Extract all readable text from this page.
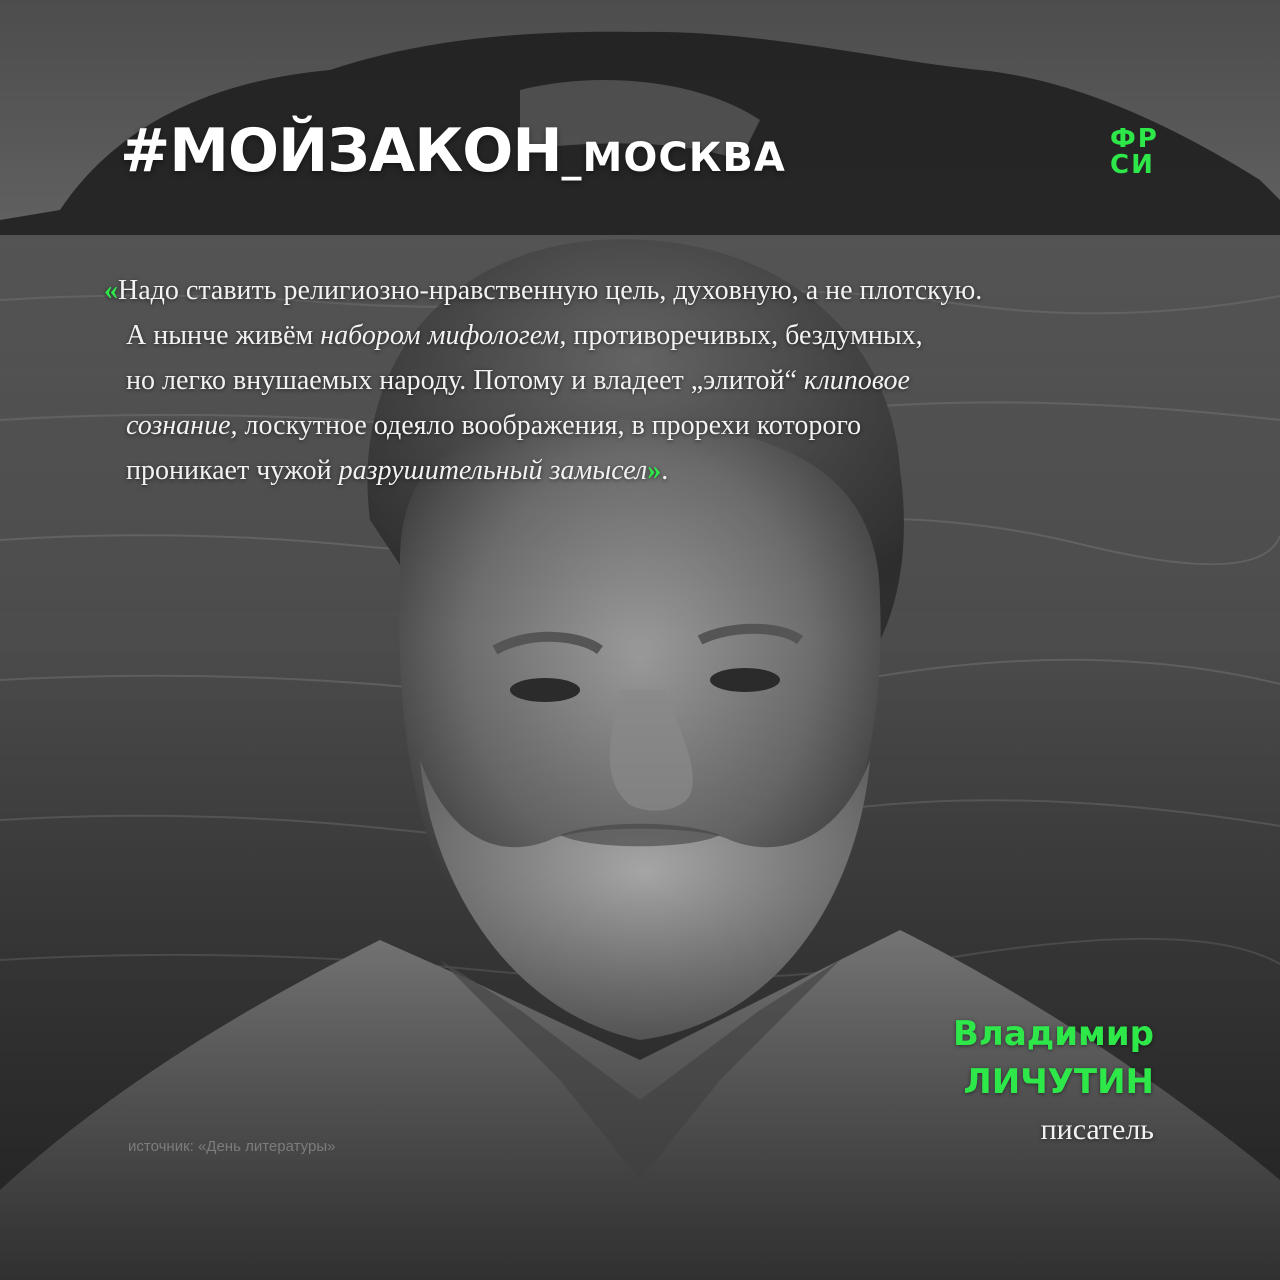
#МОЙЗАКОН_МОСКВА	ФР
СИ

«Надо ставить религиозно-нравственную цель, духовную, а не плотскую.

А нынче живём набором мифологем, противоречивых, бездумных,

но легко внушаемых народу. Потому и владеет „элитой“ клиповое

сознание, лоскутное одеяло воображения, в прорехи которого

проникает чужой разрушительный замысел».

Владимир
ЛИЧУТИН
писатель
источник: «День литературы»
